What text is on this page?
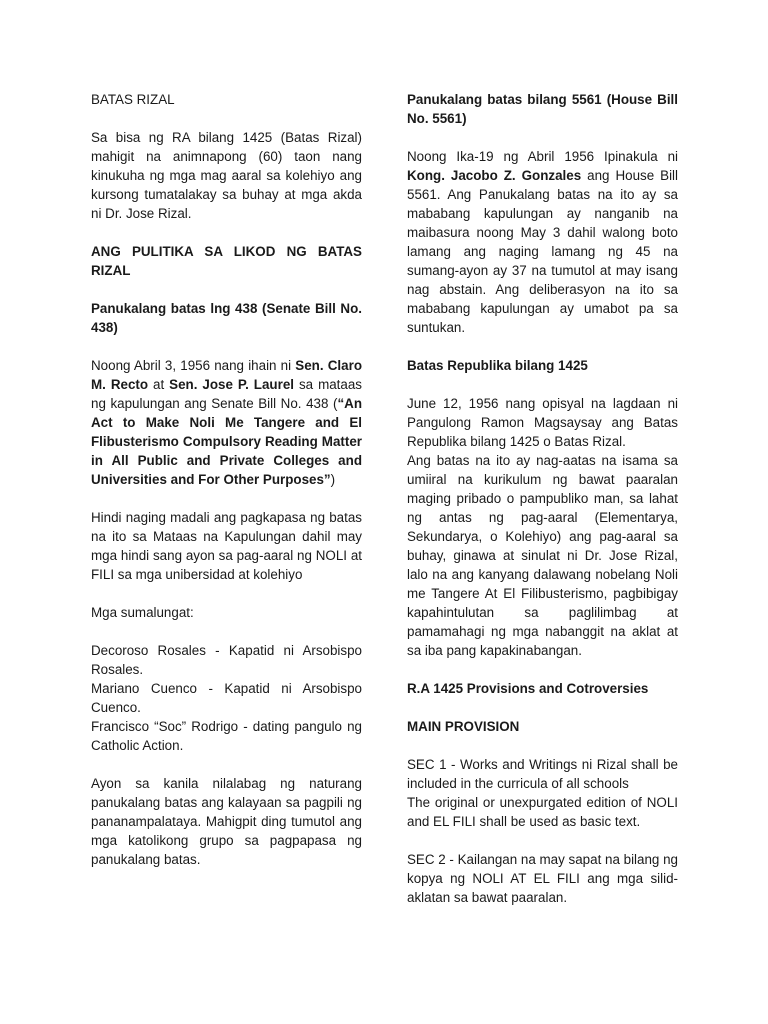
BATAS RIZAL

Sa bisa ng RA bilang 1425 (Batas Rizal) mahigit na animnapong (60) taon nang kinukuha ng mga mag aaral sa kolehiyo ang kursong tumatalakay sa buhay at mga akda ni Dr. Jose Rizal.

ANG PULITIKA SA LIKOD NG BATAS RIZAL

Panukalang batas lng 438 (Senate Bill No. 438)

Noong Abril 3, 1956 nang ihain ni Sen. Claro M. Recto at Sen. Jose P. Laurel sa mataas ng kapulungan ang Senate Bill No. 438 (“An Act to Make Noli Me Tangere and El Flibusterismo Compulsory Reading Matter in All Public and Private Colleges and Universities and For Other Purposes”)

Hindi naging madali ang pagkapasa ng batas na ito sa Mataas na Kapulungan dahil may mga hindi sang ayon sa pag-aaral ng NOLI at FILI sa mga unibersidad at kolehiyo

Mga sumalungat:

Decoroso Rosales - Kapatid ni Arsobispo Rosales.

Mariano Cuenco - Kapatid ni Arsobispo Cuenco.

Francisco “Soc” Rodrigo - dating pangulo ng Catholic Action.

Ayon sa kanila nilalabag ng naturang panukalang batas ang kalayaan sa pagpili ng pananampalataya. Mahigpit ding tumutol ang mga katolikong grupo sa pagpapasa ng panukalang batas.

Panukalang batas bilang 5561 (House Bill No. 5561)

Noong Ika-19 ng Abril 1956 Ipinakula ni Kong. Jacobo Z. Gonzales ang House Bill 5561. Ang Panukalang batas na ito ay sa mababang kapulungan ay nanganib na maibasura noong May 3 dahil walong boto lamang ang naging lamang ng 45 na sumang-ayon ay 37 na tumutol at may isang nag abstain. Ang deliberasyon na ito sa mababang kapulungan ay umabot pa sa suntukan.

Batas Republika bilang 1425

June 12, 1956 nang opisyal na lagdaan ni Pangulong Ramon Magsaysay ang Batas Republika bilang 1425 o Batas Rizal.

Ang batas na ito ay nag-aatas na isama sa umiiral na kurikulum ng bawat paaralan maging pribado o pampubliko man, sa lahat ng antas ng pag-aaral (Elementarya, Sekundarya, o Kolehiyo) ang pag-aaral sa buhay, ginawa at sinulat ni Dr. Jose Rizal, lalo na ang kanyang dalawang nobelang Noli me Tangere At El Filibusterismo, pagbibigay kapahintulutan sa paglilimbag at pamamahagi ng mga nabanggit na aklat at sa iba pang kapakinabangan.

R.A 1425 Provisions and Cotroversies

MAIN PROVISION

SEC 1 - Works and Writings ni Rizal shall be included in the curricula of all schools

The original or unexpurgated edition of NOLI and EL FILI shall be used as basic text.

SEC 2 - Kailangan na may sapat na bilang ng kopya ng NOLI AT EL FILI ang mga silid-aklatan sa bawat paaralan.
